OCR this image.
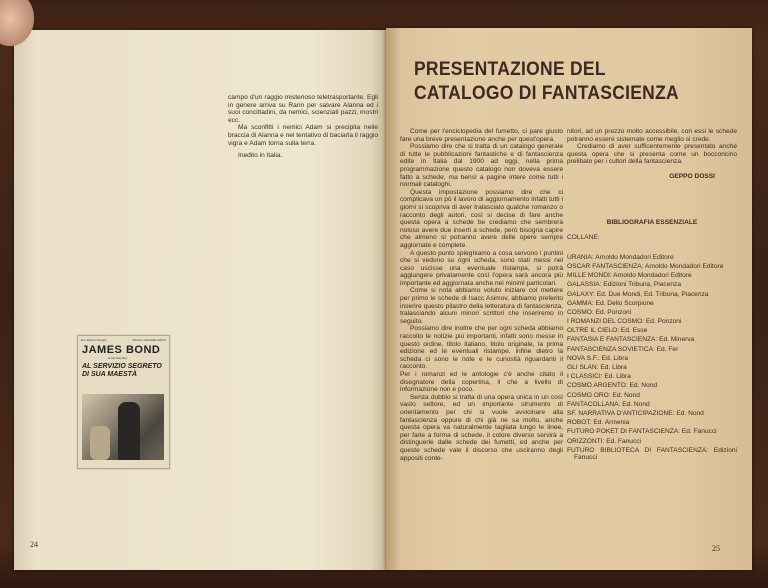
campo d'un raggio misterioso teletrasportante. Egli in genere arriva su Rann per salvare Alanna ed i suoi concittadini, da nemici, scienziati pazzi, mostri ecc.

Ma sconfitti i nemici Adam si precipita nelle braccia di Alanna e nel tentativo di baciarla il raggio vigra e Adam torna sulla terra.

Inedito in Italia.

Ed. dell'Ammiraglio	Rivista: GRANDE MANO
JAMES BOND
di Ian Fleming
AL SERVIZIO SEGRETO DI SUA MAESTÀ
24
PRESENTAZIONE DEL CATALOGO DI FANTASCIENZA

Come per l'enciclopedia del fumetto, ci pare giusto fare una breve presentazione anche per quest'opera.

Possiamo dire che si tratta di un catalogo generale di tutte le pubblicazioni fantastiche e di fantascienza edite in Italia dal 1900 ad oggi, nella prima programmazione questo catalogo non doveva essere fatto a schede, ma bensì a pagine intere come tutti i normali cataloghi.

Questa impostazione possiamo dire che ci complicava un pò il lavoro di aggiornamento infatti tutti i giorni si scopriva di aver tralasciato qualche romanzo o racconto degli autori, così si decise di fare anche questa opera a schede be crediamo che sembrerà noioso avere due inserti a schede, però bisogna capire che almeno si potranno avere delle opere sempre aggiornate e complete.

A questo punto spieghiamo a cosa servono i puntini che si vedono su ogni scheda, sono stati messi nel caso uscisse una eventuale ristampa, si potrà aggiungere privatamente così l'opera sarà ancora più importante ed aggiornata anche nei minimi particolari.

Come si nota abbiamo voluto iniziare col mettere per primo le schede di Isacc Asimov, abbiamo preferito inserire questo pilastro della letteratura di fantascienza, tralasciando alcuni minori scrittori che inseriremo in seguito.

Possiamo dire inoltre che per ogni scheda abbiamo raccolto le notizie più importanti, infatti sono messe in questo ordine, titolo italiano, titolo originale, la prima edizione ed le eventuali ristampe, infine dietro la scheda ci sono le note e le curiosità riguardanti il racconto.

Per i romanzi ed le antologie c'è anche citato il disegnatore della copertina, il che a livello di informazione non e poco.

Senza dubbio si tratta di una opera unica in un così vasto settore, ed un importante strumento di orientamento per chi si vuole avvicinare alla fantascienza oppure di chi già ne sa molto, anche questa opera va naturalmente tagliata lungo le linee, per farle a forma di schede, il colore diverso servirà a distinguerle dalle schede dei fumetti, ed anche per queste schede vale il discorso che usciranno degli appositi conte-

nitori, ad un prezzo molto accessibile, con essi le schede potranno essere sistemate come meglio si crede.

Crediamo di aver sufficentemente presentato anche questa opera che si presenta come un bocconcino prelibato per i cultori della fantascienza.

GEPPO DOSSI
BIBLIOGRAFIA ESSENZIALE
COLLANE:
URANIA: Arnoldo Mondadori Editore
OSCAR FANTASCIENZA: Arnoldo Mondadori Editore
MILLE MONDI: Arnoldo Mondadori Editore
GALASSIA: Edizioni Tribuna, Piacenza
GALAXY: Ed. Due Mondi, Ed. Tribuna, Piacenza
GAMMA: Ed. Dello Scorpione
COSMO: Ed. Ponzoni
I ROMANZI DEL COSMO: Ed. Ponzoni
OLTRE IL CIELO: Ed. Esse
FANTASIA E FANTASCIENZA: Ed. Minerva
FANTASCIENZA SOVIETICA: Ed. Fer
NOVA S.F.: Ed. Libra
GLI SLAN: Ed. Libra
I CLASSICI: Ed. Libra
COSMO ARGENTO: Ed. Nond
COSMO ORO: Ed. Nond
FANTACOLLANA: Ed. Nond
SF. NARRATIVA D'ANTICIPAZIONE: Ed. Nond
ROBOT: Ed. Armenia
FUTURO POKET DI FANTASCIENZA: Ed. Fanucci
ORIZZONTI: Ed. Fanucci
FUTURO BIBLIOTECA DI FANTASCIENZA: Edizioni Fanucci
25
